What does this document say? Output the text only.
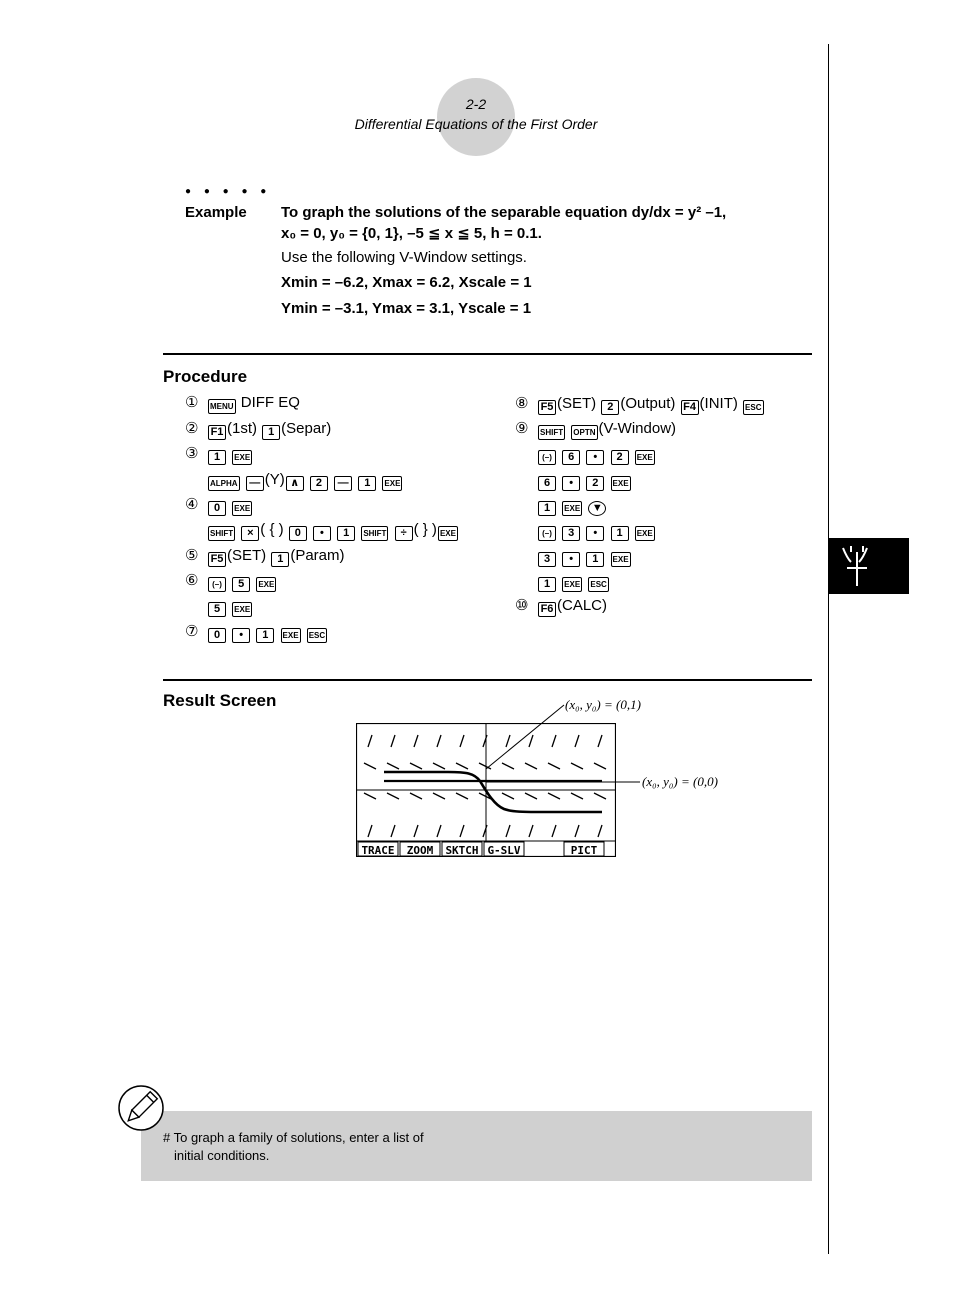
2-2
Differential Equations of the First Order
● ● ● ● ●
Example To graph the solutions of the separable equation dy/dx = y² –1,
x₀ = 0, y₀ = {0, 1}, –5 ≦ x ≦ 5, h = 0.1.
Use the following V-Window settings.
Xmin = –6.2, Xmax = 6.2, Xscale = 1
Ymin = –3.1, Ymax = 3.1, Yscale = 1
Procedure
① MENU DIFF EQ
② F1 (1st) 1 (Separ)
③ 1 EXE
ALPHA — (Y) ∧ 2 — 1 EXE
④ 0 EXE
SHIFT × ( { ) 0 • 1 SHIFT ÷ ( } ) EXE
⑤ F5 (SET) 1 (Param)
⑥ (–) 5 EXE
5 EXE
⑦ 0 • 1 EXE ESC
⑧ F5 (SET) 2 (Output) F4 (INIT) ESC
⑨ SHIFT OPTN (V-Window)
(–) 6 • 2 EXE
6 • 2 EXE
1 EXE ▼
(–) 3 • 1 EXE
3 • 1 EXE
1 EXE ESC
⑩ F6 (CALC)
Result Screen
TRACE ZOOM SKTCH G-SLV	PICT
(x₀, y₀) = (0,1)
(x₀, y₀) = (0,0)
# To graph a family of solutions, enter a list of
initial conditions.
